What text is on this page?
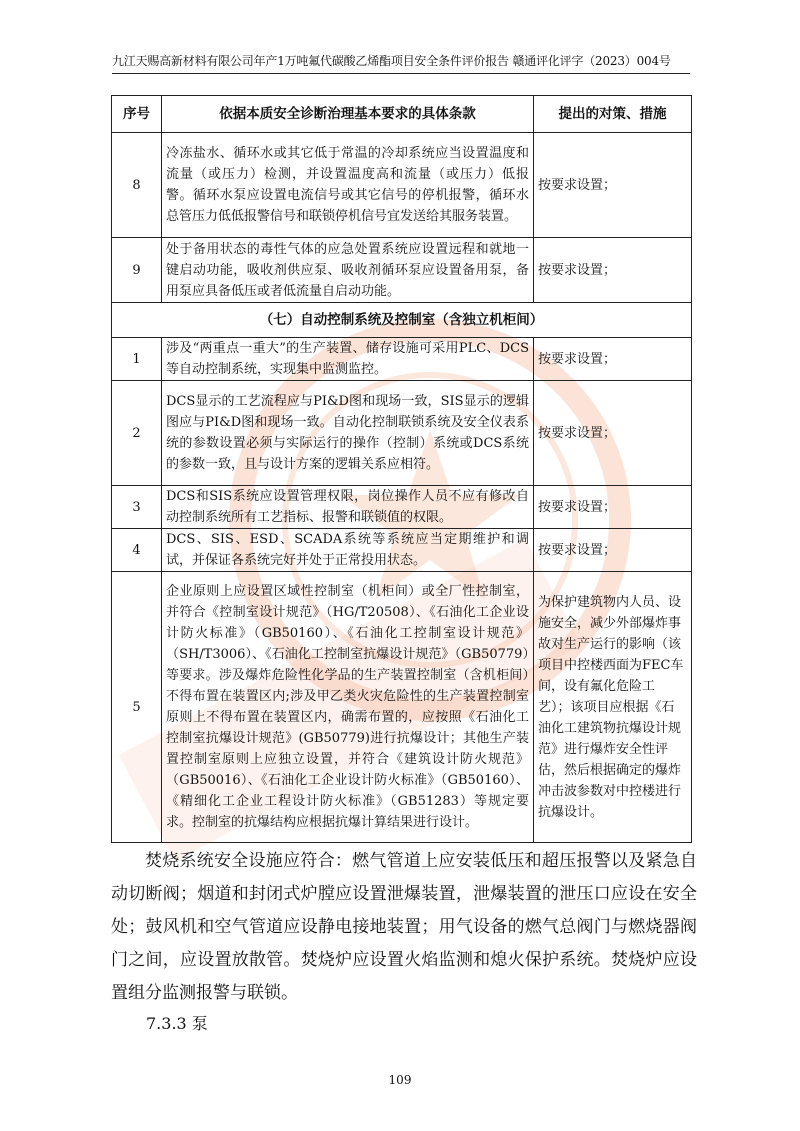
九江天赐高新材料有限公司年产1万吨氟代碳酸乙烯酯项目安全条件评价报告 赣通评化评字（2023）004号
序号	依据本质安全诊断治理基本要求的具体条款	提出的对策、措施
8	冷冻盐水、循环水或其它低于常温的冷却系统应当设置温度和流量（或压力）检测，并设置温度高和流量（或压力）低报警。循环水泵应设置电流信号或其它信号的停机报警，循环水总管压力低低报警信号和联锁停机信号宜发送给其服务装置。	按要求设置；
9	处于备用状态的毒性气体的应急处置系统应设置远程和就地一键启动功能，吸收剂供应泵、吸收剂循环泵应设置备用泵，备用泵应具备低压或者低流量自启动功能。	按要求设置；
（七）自动控制系统及控制室（含独立机柜间）		
1	涉及“两重点一重大”的生产装置、储存设施可采用PLC、DCS等自动控制系统，实现集中监测监控。	按要求设置；
2	DCS显示的工艺流程应与PI&D图和现场一致，SIS显示的逻辑图应与PI&D图和现场一致。自动化控制联锁系统及安全仪表系统的参数设置必须与实际运行的操作（控制）系统或DCS系统的参数一致，且与设计方案的逻辑关系应相符。	按要求设置；
3	DCS和SIS系统应设置管理权限，岗位操作人员不应有修改自动控制系统所有工艺指标、报警和联锁值的权限。	按要求设置；
4	DCS、SIS、ESD、SCADA系统等系统应当定期维护和调试，并保证各系统完好并处于正常投用状态。	按要求设置；
5	企业原则上应设置区域性控制室（机柜间）或全厂性控制室，并符合《控制室设计规范》（HG/T20508）、《石油化工企业设计防火标准》（GB50160）、《石油化工控制室设计规范》（SH/T3006）、《石油化工控制室抗爆设计规范》（GB50779）等要求。涉及爆炸危险性化学品的生产装置控制室（含机柜间）不得布置在装置区内;涉及甲乙类火灾危险性的生产装置控制室原则上不得布置在装置区内，确需布置的，应按照《石油化工控制室抗爆设计规范》(GB50779)进行抗爆设计；其他生产装置控制室原则上应独立设置，并符合《建筑设计防火规范》（GB50016）、《石油化工企业设计防火标准》（GB50160）、《精细化工企业工程设计防火标准》（GB51283）等规定要求。控制室的抗爆结构应根据抗爆计算结果进行设计。	为保护建筑物内人员、设施安全，减少外部爆炸事故对生产运行的影响（该项目中控楼西面为FEC车间，设有氟化危险工艺）；该项目应根据《石油化工建筑物抗爆设计规范》进行爆炸安全性评估，然后根据确定的爆炸冲击波参数对中控楼进行抗爆设计。
焚烧系统安全设施应符合：燃气管道上应安装低压和超压报警以及紧急自动切断阀；烟道和封闭式炉膛应设置泄爆装置，泄爆装置的泄压口应设在安全处；鼓风机和空气管道应设静电接地装置；用气设备的燃气总阀门与燃烧器阀门之间，应设置放散管。焚烧炉应设置火焰监测和熄火保护系统。焚烧炉应设置组分监测报警与联锁。
7.3.3 泵
109
